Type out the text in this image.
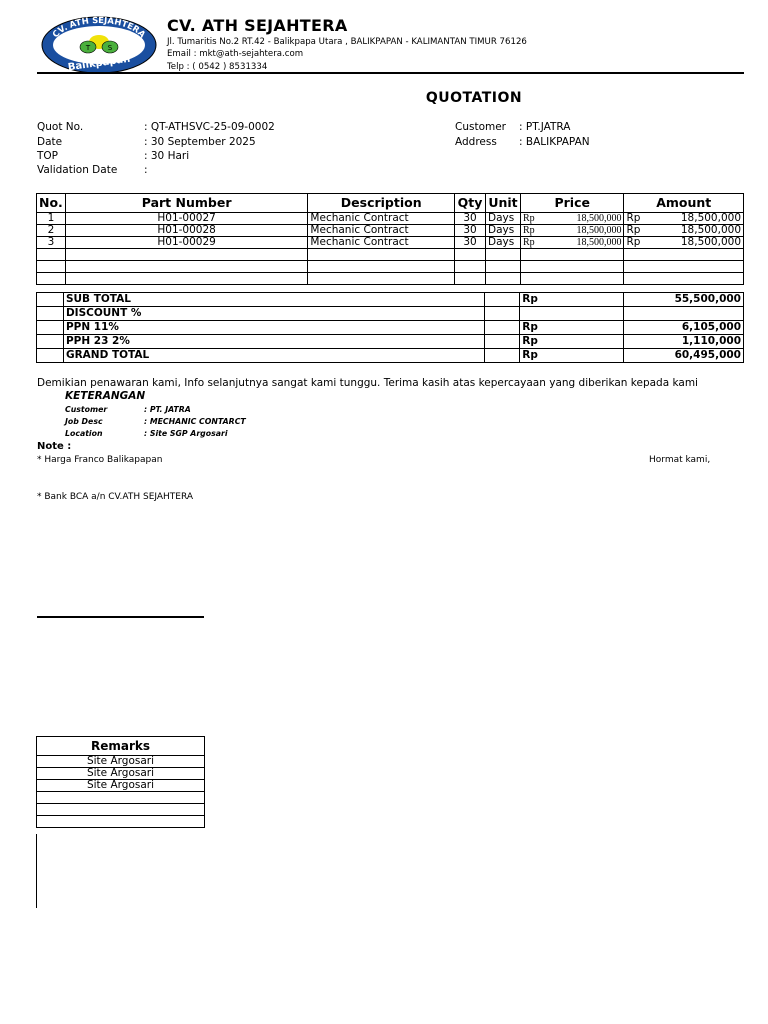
CV. ATH SEJAHTERA
T	S
★	★
Balikpapan
CV. ATH SEJAHTERA
Jl. Tumaritis No.2 RT.42 - Balikpapa Utara , BALIKPAPAN - KALIMANTAN TIMUR 76126
Email : mkt@ath-sejahtera.com
Telp : ( 0542 ) 8531334
QUOTATION
Quot No.	: QT-ATHSVC-25-09-0002
Date	: 30 September 2025
TOP	: 30 Hari
Validation Date	:
Customer : PT.JATRA
Address : BALIKPAPAN
No.	Part Number	Description	Qty	Unit	Price	Amount
1	H01-00027	Mechanic Contract	30	Days	Rp 18,500,000	Rp 18,500,000

2	H01-00028	Mechanic Contract	30	Days	Rp 18,500,000	Rp 18,500,000

3	H01-00029	Mechanic Contract	30	Days	Rp 18,500,000	Rp 18,500,000

	SUB TOTAL		Rp	55,500,000
	DISCOUNT %			
	PPN 11%		Rp	6,105,000
	PPH 23 2%		Rp	1,110,000
	GRAND TOTAL		Rp	60,495,000
Demikian penawaran kami, Info selanjutnya sangat kami tunggu. Terima kasih atas kepercayaan yang diberikan kepada kami
KETERANGAN
Customer	: PT. JATRA
Job Desc	: MECHANIC CONTARCT
Location	: Site SGP Argosari
Note :
* Harga Franco Balikapapan	Hormat kami,
* Bank BCA a/n CV.ATH SEJAHTERA
Remarks
Site Argosari
Site Argosari
Site Argosari
